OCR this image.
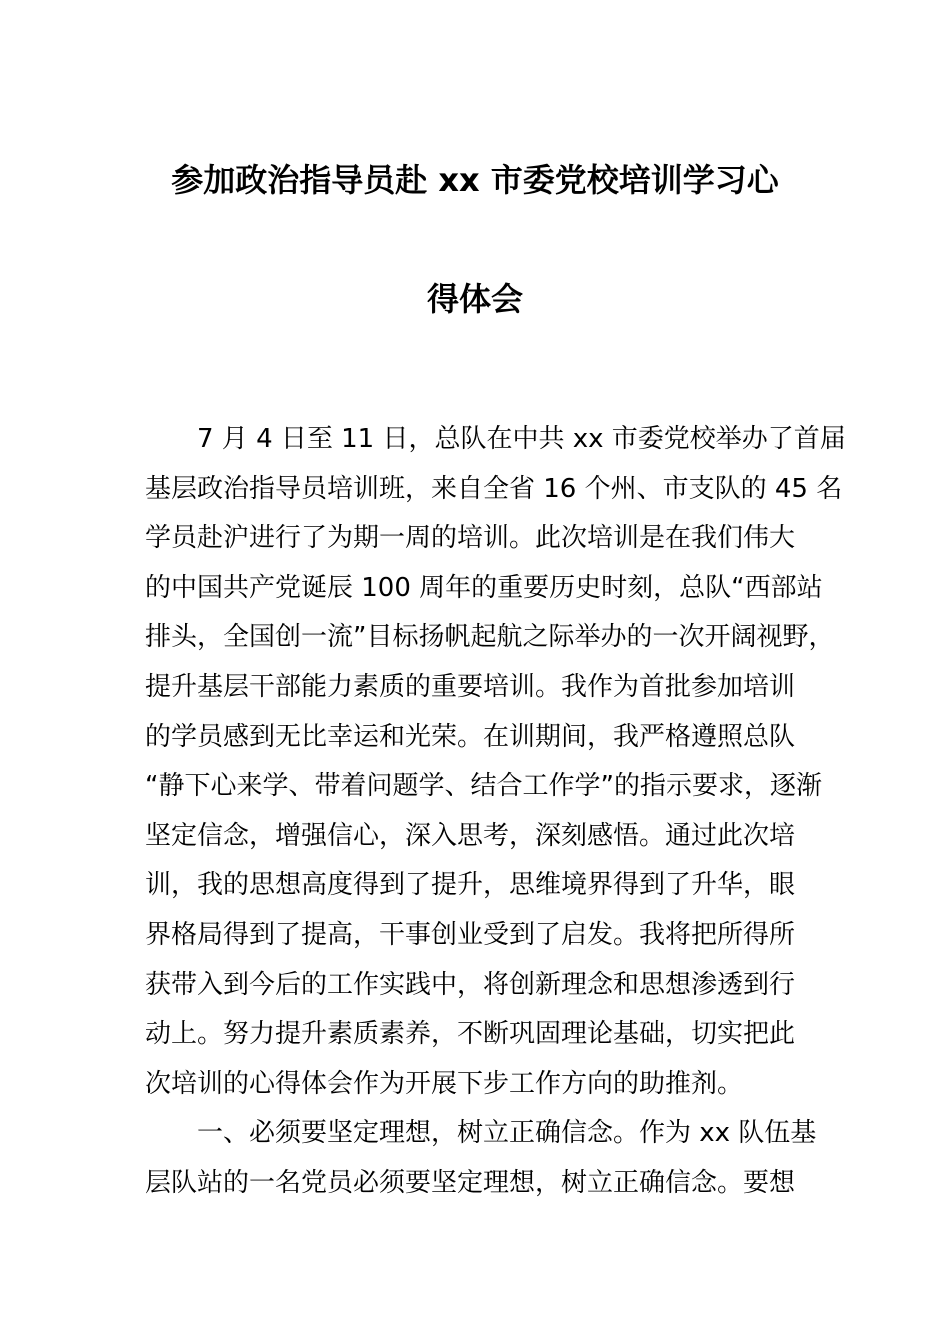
参加政治指导员赴 xx 市委党校培训学习心
得体会
7 月 4 日至 11 日，总队在中共 xx 市委党校举办了首届
基层政治指导员培训班，来自全省 16 个州、市支队的 45 名
学员赴沪进行了为期一周的培训。此次培训是在我们伟大
的中国共产党诞辰 100 周年的重要历史时刻，总队“西部站
排头，全国创一流”目标扬帆起航之际举办的一次开阔视野，
提升基层干部能力素质的重要培训。我作为首批参加培训
的学员感到无比幸运和光荣。在训期间，我严格遵照总队
“静下心来学、带着问题学、结合工作学”的指示要求，逐渐
坚定信念，增强信心，深入思考，深刻感悟。通过此次培
训，我的思想高度得到了提升，思维境界得到了升华，眼
界格局得到了提高，干事创业受到了启发。我将把所得所
获带入到今后的工作实践中，将创新理念和思想渗透到行
动上。努力提升素质素养，不断巩固理论基础，切实把此
次培训的心得体会作为开展下步工作方向的助推剂。
一、必须要坚定理想，树立正确信念。作为 xx 队伍基
层队站的一名党员必须要坚定理想，树立正确信念。要想
